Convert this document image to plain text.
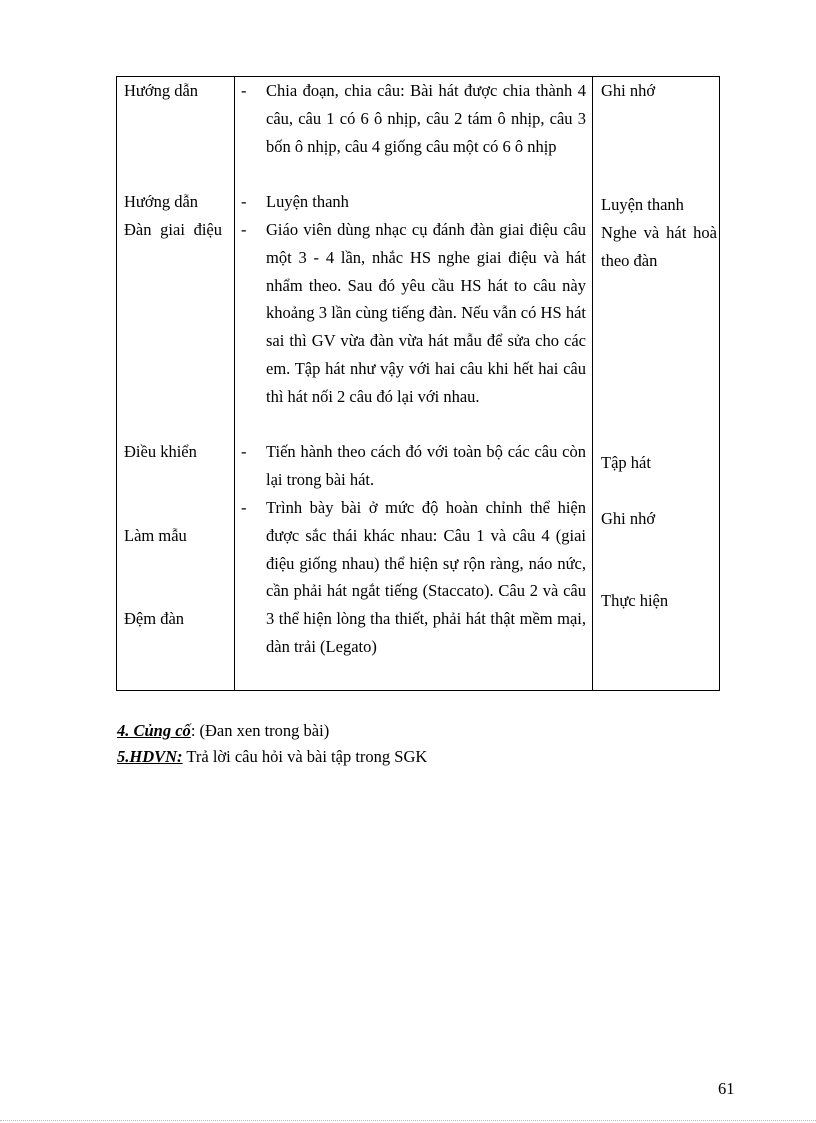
Hướng dẫn
Hướng dẫn
Đàn giai điệu
Điều khiển
Làm mẫu
Đệm đàn
-
-
-
-
-
Chia đoạn, chia câu: Bài hát được chia thành 4 câu, câu 1 có 6 ô nhịp, câu 2 tám ô nhịp, câu 3 bốn ô nhịp, câu 4 giống câu một có 6 ô nhịp
Luyện thanh
Giáo viên dùng nhạc cụ đánh đàn giai điệu câu một 3 - 4 lần, nhắc HS nghe giai điệu và hát nhẩm theo. Sau đó yêu cầu HS hát to câu này khoảng 3 lần cùng tiếng đàn. Nếu vẫn có HS hát sai thì GV vừa đàn vừa hát mẫu để sửa cho các em. Tập hát như vậy với hai câu khi hết hai câu thì hát nối 2 câu đó lại với nhau.
Tiến hành theo cách đó với toàn bộ các câu còn lại trong bài hát.
Trình bày bài ở mức độ hoàn chỉnh thể hiện được sắc thái khác nhau: Câu 1 và câu 4 (giai điệu giống nhau) thể hiện sự rộn ràng, náo nức, cần phải hát ngắt tiếng (Staccato). Câu 2 và câu 3 thể hiện lòng tha thiết, phải hát thật mềm mại, dàn trải (Legato)
Ghi nhớ
Luyện thanh
Nghe và hát hoà theo đàn
Tập hát
Ghi nhớ
Thực hiện
4. Củng cố: (Đan xen trong bài)
5.HDVN: Trả lời câu hỏi và bài tập trong SGK
61
